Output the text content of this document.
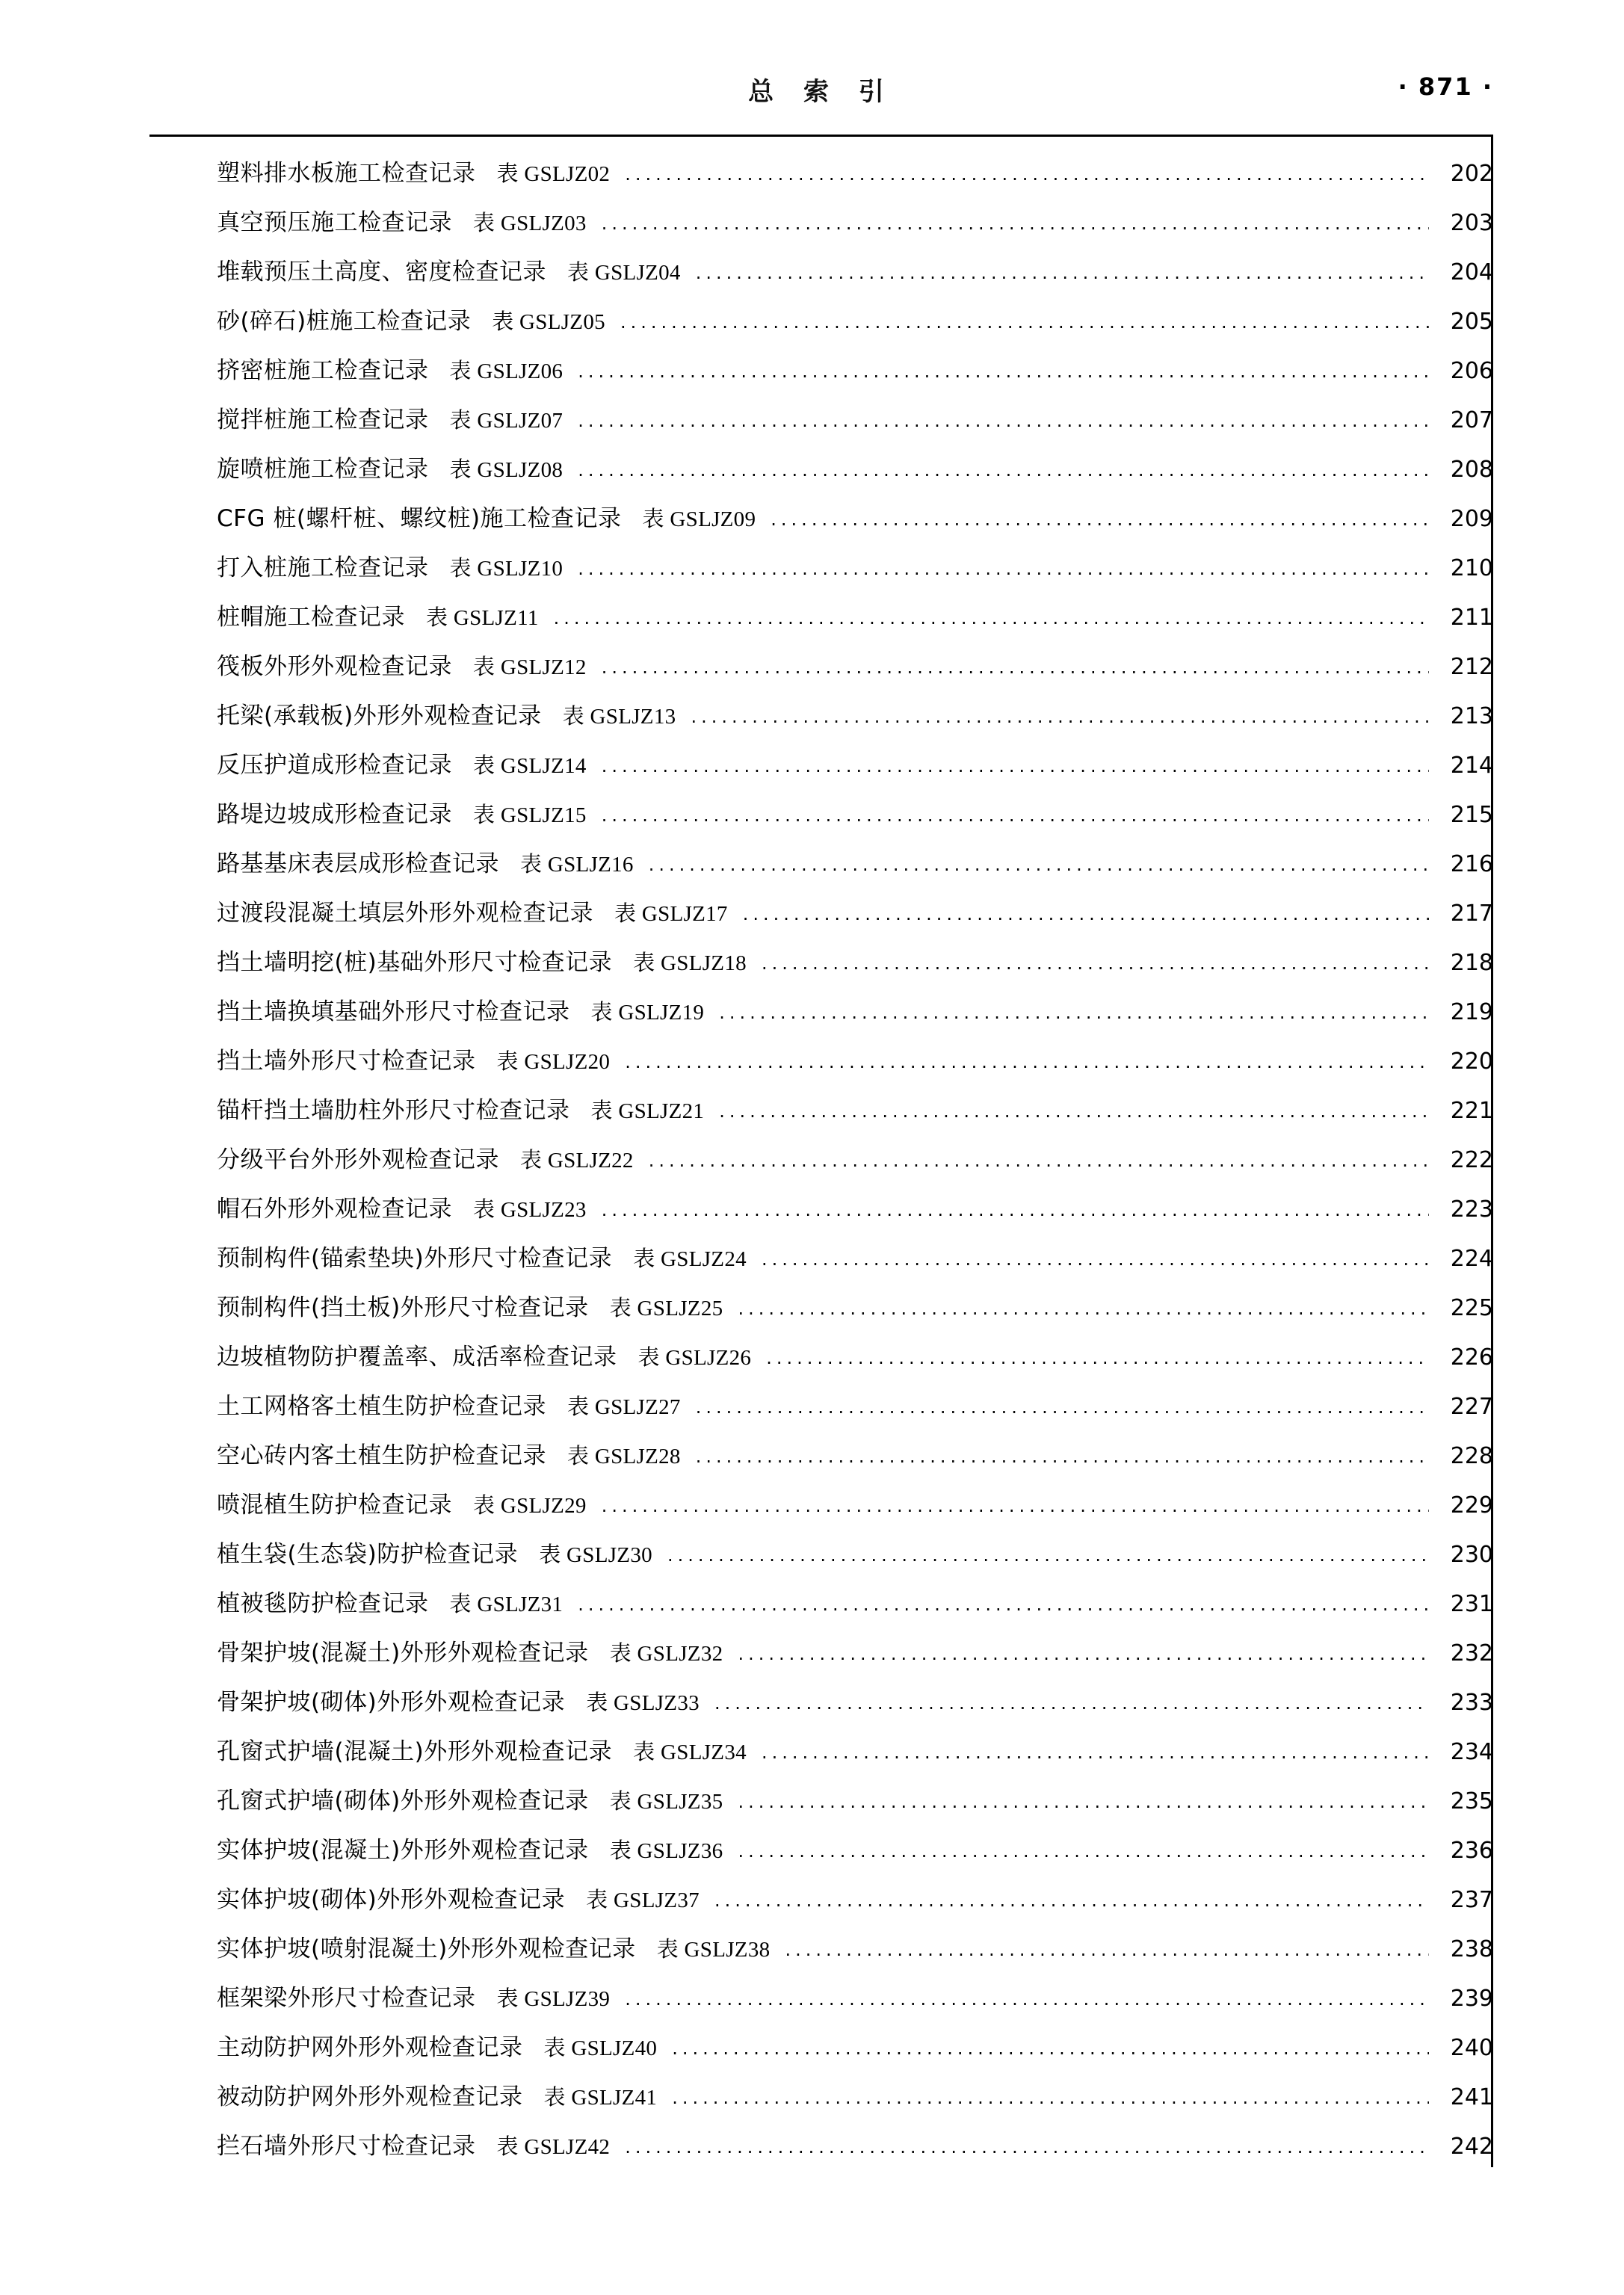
总 索 引	· 871 ·
塑料排水板施工检查记录 表 GSLJZ02 ·····	202
真空预压施工检查记录 表 GSLJZ03 ·····	203
堆载预压土高度、密度检查记录 表 GSLJZ04 ·····	204
砂(碎石)桩施工检查记录 表 GSLJZ05 ·····	205
挤密桩施工检查记录 表 GSLJZ06 ·····	206
搅拌桩施工检查记录 表 GSLJZ07 ·····	207
旋喷桩施工检查记录 表 GSLJZ08 ·····	208
CFG 桩(螺杆桩、螺纹桩)施工检查记录 表 GSLJZ09 ·····	209
打入桩施工检查记录 表 GSLJZ10 ·····	210
桩帽施工检查记录 表 GSLJZ11 ·····	211
筏板外形外观检查记录 表 GSLJZ12 ·····	212
托梁(承载板)外形外观检查记录 表 GSLJZ13 ·····	213
反压护道成形检查记录 表 GSLJZ14 ·····	214
路堤边坡成形检查记录 表 GSLJZ15 ·····	215
路基基床表层成形检查记录 表 GSLJZ16 ·····	216
过渡段混凝土填层外形外观检查记录 表 GSLJZ17 ·····	217
挡土墙明挖(桩)基础外形尺寸检查记录 表 GSLJZ18 ·····	218
挡土墙换填基础外形尺寸检查记录 表 GSLJZ19 ·····	219
挡土墙外形尺寸检查记录 表 GSLJZ20 ·····	220
锚杆挡土墙肋柱外形尺寸检查记录 表 GSLJZ21 ·····	221
分级平台外形外观检查记录 表 GSLJZ22 ·····	222
帽石外形外观检查记录 表 GSLJZ23 ·····	223
预制构件(锚索垫块)外形尺寸检查记录 表 GSLJZ24 ·····	224
预制构件(挡土板)外形尺寸检查记录 表 GSLJZ25 ·····	225
边坡植物防护覆盖率、成活率检查记录 表 GSLJZ26 ·····	226
土工网格客土植生防护检查记录 表 GSLJZ27 ·····	227
空心砖内客土植生防护检查记录 表 GSLJZ28 ·····	228
喷混植生防护检查记录 表 GSLJZ29 ·····	229
植生袋(生态袋)防护检查记录 表 GSLJZ30 ·····	230
植被毯防护检查记录 表 GSLJZ31 ·····	231
骨架护坡(混凝土)外形外观检查记录 表 GSLJZ32 ·····	232
骨架护坡(砌体)外形外观检查记录 表 GSLJZ33 ·····	233
孔窗式护墙(混凝土)外形外观检查记录 表 GSLJZ34 ·····	234
孔窗式护墙(砌体)外形外观检查记录 表 GSLJZ35 ·····	235
实体护坡(混凝土)外形外观检查记录 表 GSLJZ36 ·····	236
实体护坡(砌体)外形外观检查记录 表 GSLJZ37 ·····	237
实体护坡(喷射混凝土)外形外观检查记录 表 GSLJZ38 ·····	238
框架梁外形尺寸检查记录 表 GSLJZ39 ·····	239
主动防护网外形外观检查记录 表 GSLJZ40 ·····	240
被动防护网外形外观检查记录 表 GSLJZ41 ·····	241
拦石墙外形尺寸检查记录 表 GSLJZ42 ·····	242
